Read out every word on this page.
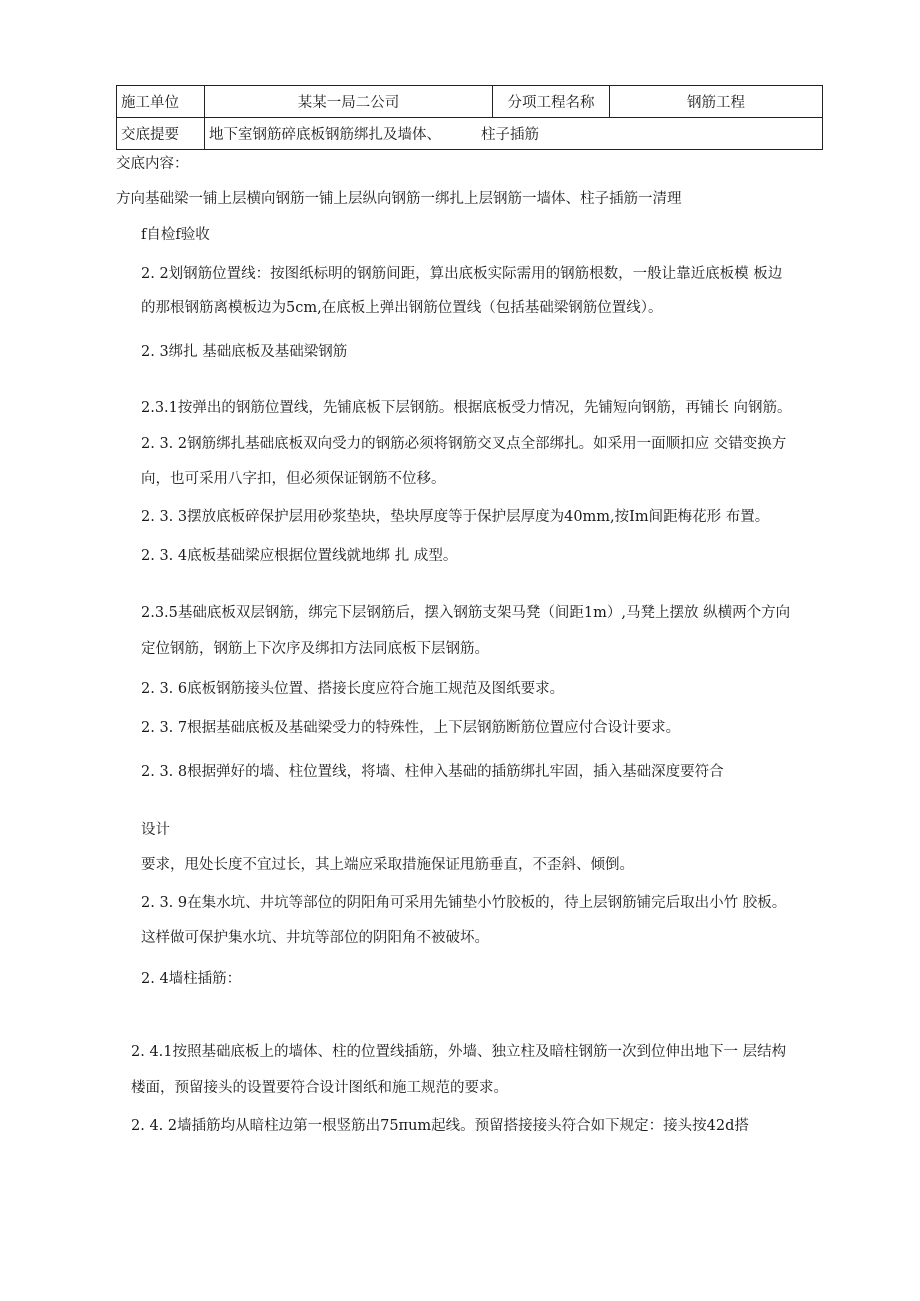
施工单位	某某一局二公司	分项工程名称	钢筋工程
交底提要	地下室钢筋碎底板钢筋绑扎及墙体、 柱子插筋		

交底内容：

方向基础梁一铺上层横向钢筋一铺上层纵向钢筋一绑扎上层钢筋一墙体、柱子插筋一清理

f自检f验收

2. 2划钢筋位置线：按图纸标明的钢筋间距，算出底板实际需用的钢筋根数，一般让靠近底板模 板边

的那根钢筋离模板边为5cm,在底板上弹出钢筋位置线（包括基础梁钢筋位置线）。

2. 3绑扎 基础底板及基础梁钢筋

2.3.1按弹出的钢筋位置线，先铺底板下层钢筋。根据底板受力情况，先铺短向钢筋，再铺长 向钢筋。

2. 3. 2钢筋绑扎基础底板双向受力的钢筋必须将钢筋交叉点全部绑扎。如采用一面顺扣应 交错变换方

向，也可采用八字扣，但必须保证钢筋不位移。

2. 3. 3摆放底板碎保护层用砂浆垫块，垫块厚度等于保护层厚度为40mm,按Im间距梅花形 布置。

2. 3. 4底板基础梁应根据位置线就地绑 扎 成型。

2.3.5基础底板双层钢筋，绑完下层钢筋后，摆入钢筋支架马凳（间距1m）,马凳上摆放 纵横两个方向

定位钢筋，钢筋上下次序及绑扣方法同底板下层钢筋。

2. 3. 6底板钢筋接头位置、搭接长度应符合施工规范及图纸要求。

2. 3. 7根据基础底板及基础梁受力的特殊性，上下层钢筋断筋位置应付合设计要求。

2. 3. 8根据弹好的墙、柱位置线，将墙、柱伸入基础的插筋绑扎牢固，插入基础深度要符合

设计

要求，甩处长度不宜过长，其上端应采取措施保证甩筋垂直，不歪斜、倾倒。

2. 3. 9在集水坑、井坑等部位的阴阳角可采用先铺垫小竹胶板的，待上层钢筋铺完后取出小竹 胶板。

这样做可保护集水坑、井坑等部位的阴阳角不被破坏。

2. 4墙柱插筋：

2. 4.1按照基础底板上的墙体、柱的位置线插筋，外墙、独立柱及暗柱钢筋一次到位伸出地下一 层结构

楼面，预留接头的设置要符合设计图纸和施工规范的要求。

2. 4. 2墙插筋均从暗柱边第一根竖筋出75πum起线。预留搭接接头符合如下规定：接头按42d搭
